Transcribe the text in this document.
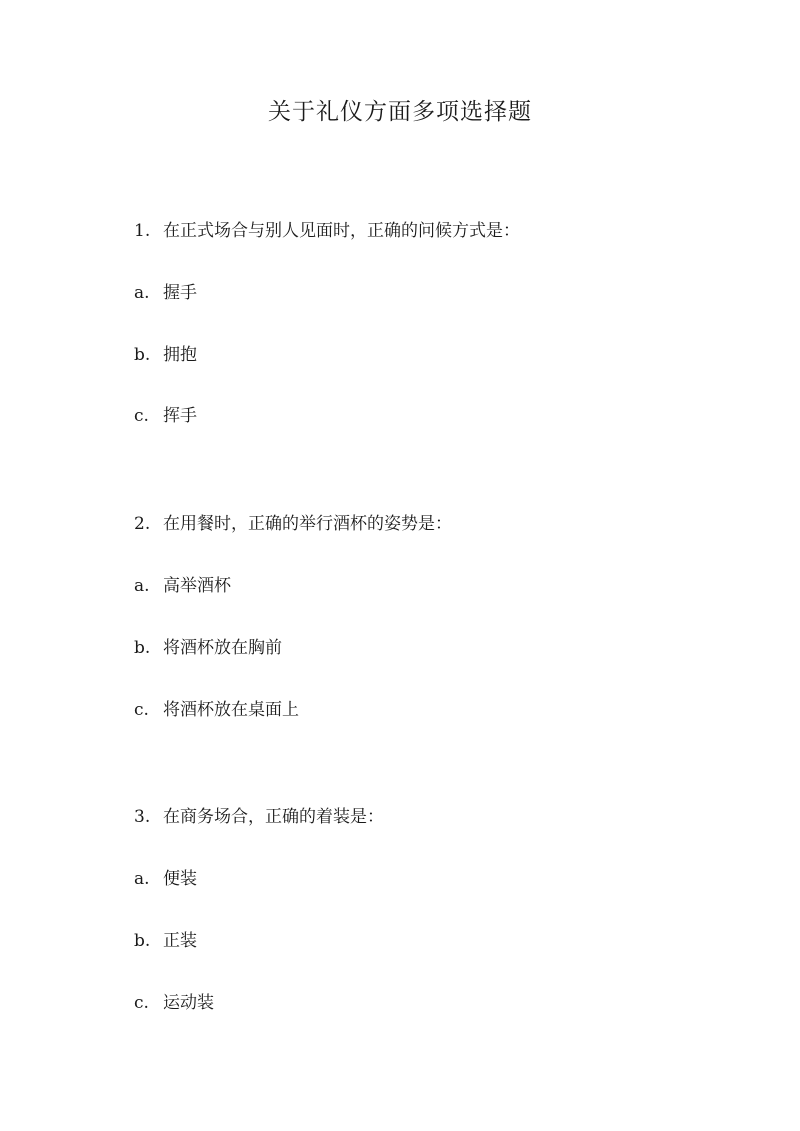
关于礼仪方面多项选择题
1. 在正式场合与别人见面时，正确的问候方式是：
a. 握手
b. 拥抱
c. 挥手
2. 在用餐时，正确的举行酒杯的姿势是：
a. 高举酒杯
b. 将酒杯放在胸前
c. 将酒杯放在桌面上
3. 在商务场合，正确的着装是：
a. 便装
b. 正装
c. 运动装
